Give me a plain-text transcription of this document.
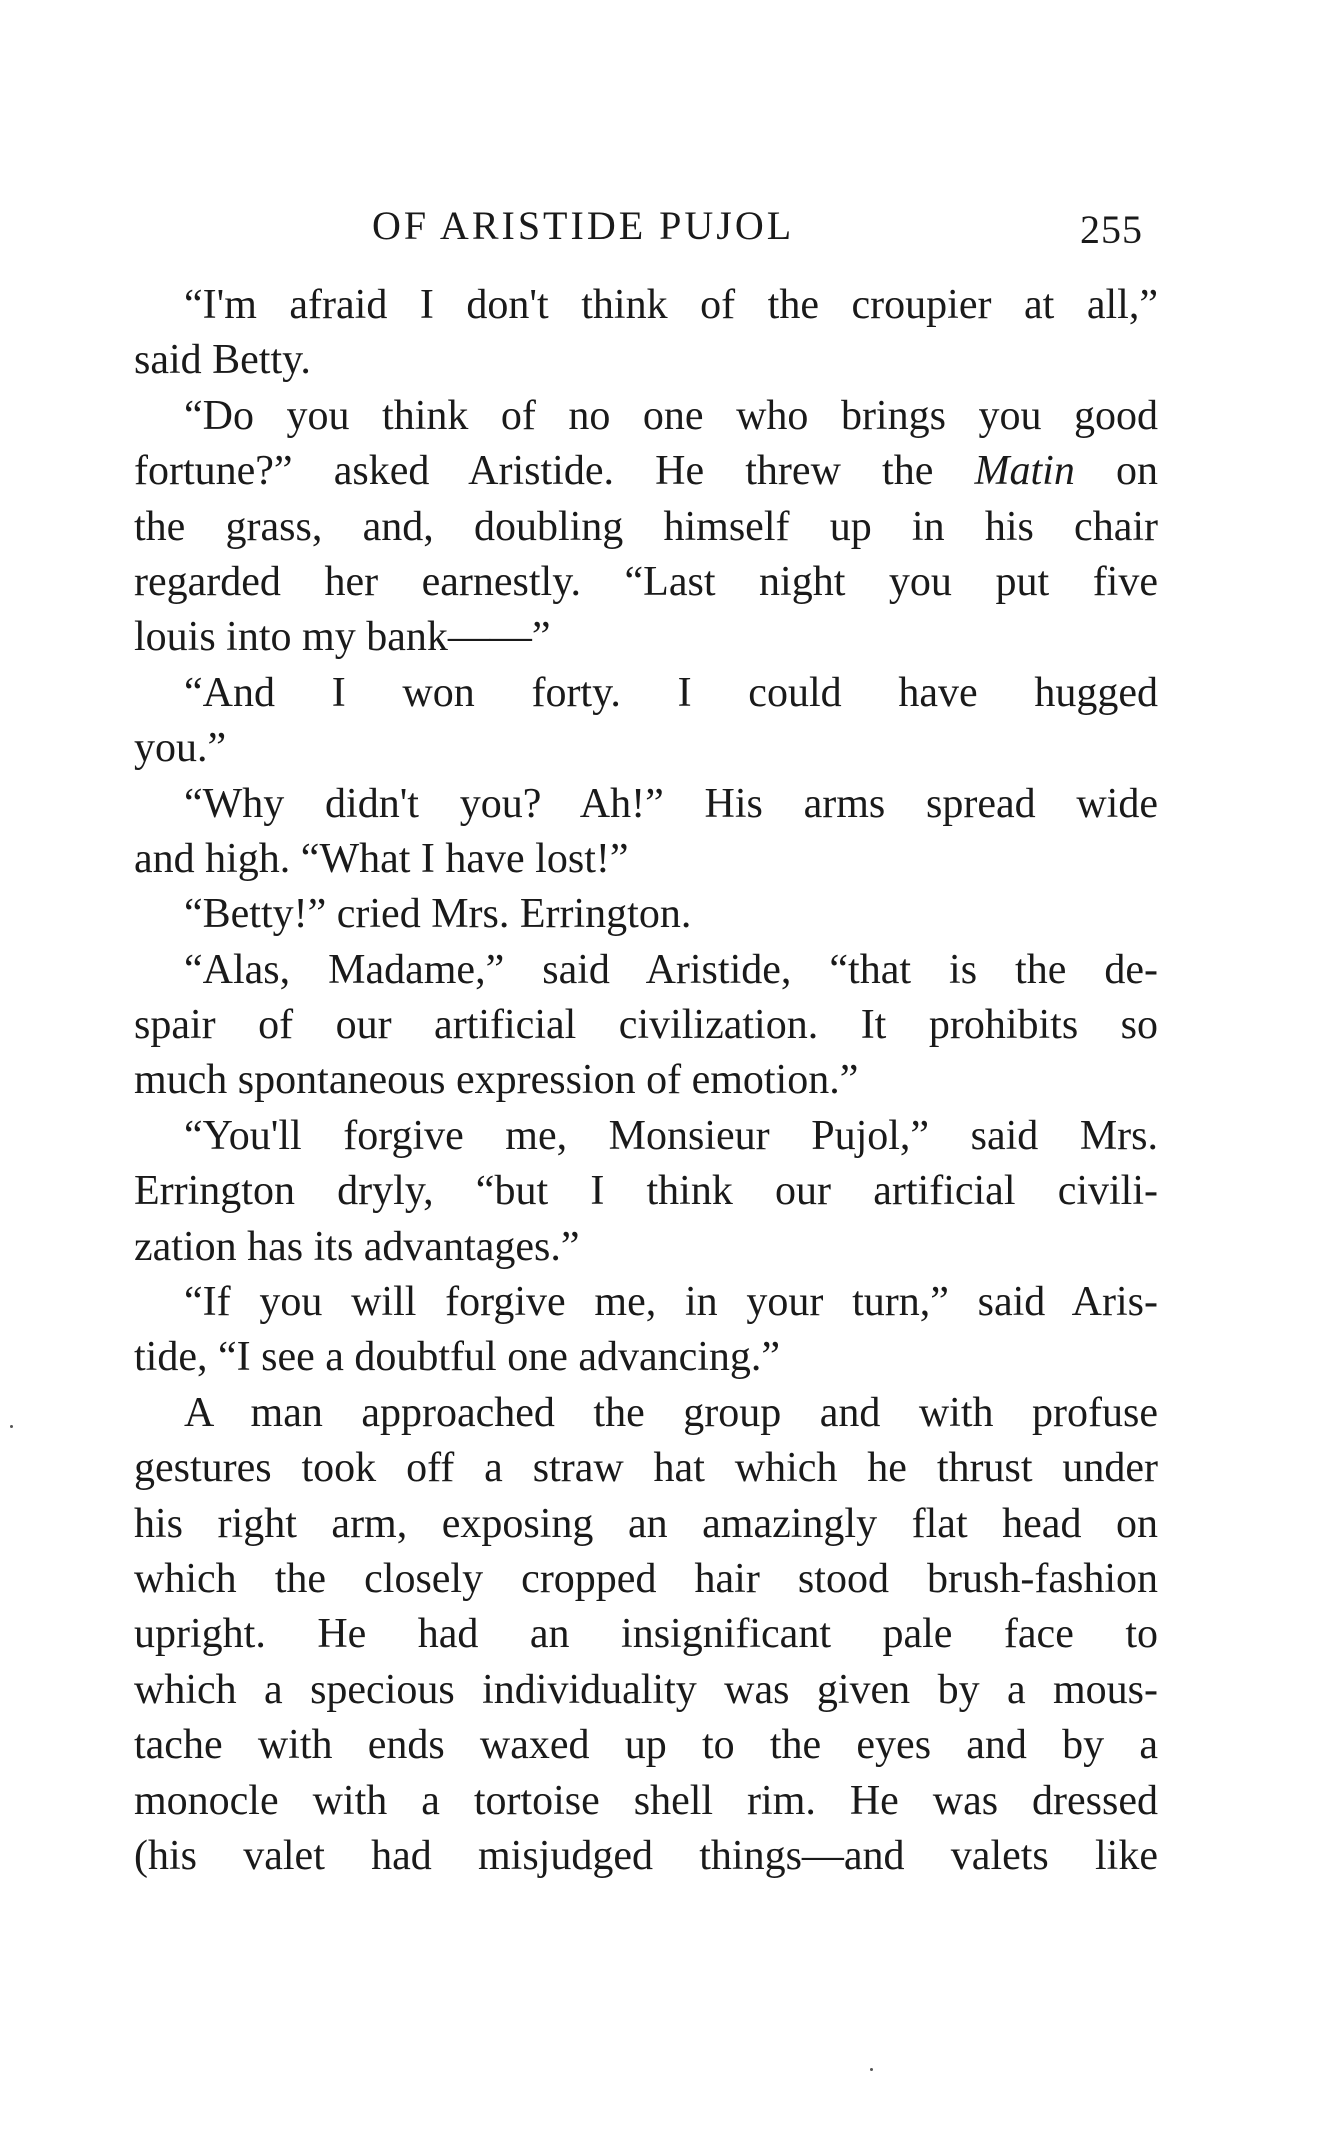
OF ARISTIDE PUJOL	255
“I'm afraid I don't think of the croupier at all,”
said Betty.
“Do you think of no one who brings you good
fortune?” asked Aristide. He threw the Matin on
the grass, and, doubling himself up in his chair
regarded her earnestly. “Last night you put five
louis into my bank——”
“And I won forty. I could have hugged
you.”
“Why didn't you? Ah!” His arms spread wide
and high. “What I have lost!”
“Betty!” cried Mrs. Errington.
“Alas, Madame,” said Aristide, “that is the de-
spair of our artificial civilization. It prohibits so
much spontaneous expression of emotion.”
“You'll forgive me, Monsieur Pujol,” said Mrs.
Errington dryly, “but I think our artificial civili-
zation has its advantages.”
“If you will forgive me, in your turn,” said Aris-
tide, “I see a doubtful one advancing.”
A man approached the group and with profuse
gestures took off a straw hat which he thrust under
his right arm, exposing an amazingly flat head on
which the closely cropped hair stood brush-fashion
upright. He had an insignificant pale face to
which a specious individuality was given by a mous-
tache with ends waxed up to the eyes and by a
monocle with a tortoise shell rim. He was dressed
(his valet had misjudged things—and valets like
